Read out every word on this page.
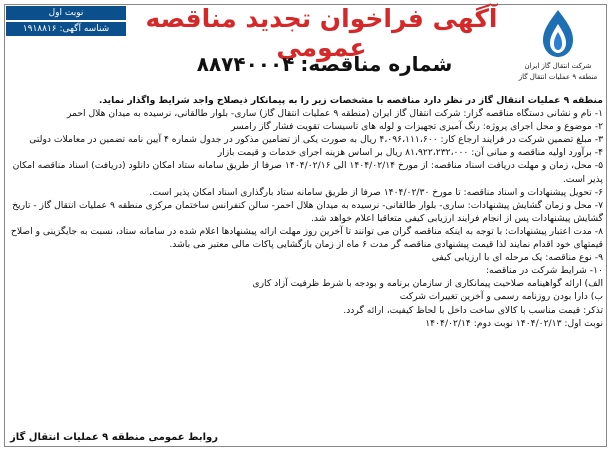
نوبت اول
شناسه آگهی: ۱۹۱۸۸۱۶
شرکت انتقال گاز ایران
منطقه ۹ عملیات انتقال گاز
آگهی فراخوان تجدید مناقصه عمومی
شماره مناقصه:۸۸۷۴۰۰۰۴

منطقه ۹ عملیات انتقال گاز در نظر دارد مناقصه با مشخصات زیر را به پیمانکار ذیصلاح واجد شرایط واگذار نماید.

۱- نام و نشانی دستگاه مناقصه گزار: شرکت انتقال گاز ایران (منطقه ۹ عملیات انتقال گاز) ساری- بلوار طالقانی، نرسیده به میدان هلال احمر

۲- موضوع و محل اجرای پروژه: رنگ آمیزی تجهیزات و لوله های تاسیسات تقویت فشار گاز رامسر

۳- مبلغ تضمین شرکت در فرایند ارجاع کار: ۴،۰۹۶،۱۱۱،۶۰۰ ریال به صورت یکی از تضامین مذکور در جدول شماره ۴ آیین نامه تضمین در معاملات دولتی

۴- برآورد اولیه مناقصه و مبانی آن: ۸۱،۹۲۲،۲۳۲،۰۰۰ ریال بر اساس هزینه اجرای خدمات و قیمت بازار

۵- محل، زمان و مهلت دریافت اسناد مناقصه: از مورخ ۱۴۰۴/۰۲/۱۴ الی ۱۴۰۴/۰۲/۱۶ صرفا از طریق سامانه ستاد امکان دانلود (دریافت) اسناد مناقصه امکان پذیر است.

۶- تحویل پیشنهادات و اسناد مناقصه: تا مورخ ۱۴۰۴/۰۲/۳۰ صرفا از طریق سامانه ستاد بارگذاری اسناد امکان پذیر است.

۷- محل و زمان گشایش پیشنهادات: ساری- بلوار طالقانی- نرسیده به میدان هلال احمر- سالن کنفرانس ساختمان مرکزی منطقه ۹ عملیات انتقال گاز - تاریخ گشایش پیشنهادات پس از انجام فرایند ارزیابی کیفی متعاقبا اعلام خواهد شد.

۸- مدت اعتبار پیشنهادات: با توجه به اینکه مناقصه گران می توانند تا آخرین روز مهلت ارائه پیشنهادها اعلام شده در سامانه ستاد، نسبت به جایگزینی و اصلاح قیمتهای خود اقدام نمایند لذا قیمت پیشنهادی مناقصه گر مدت ۶ ماه از زمان بازگشایی پاکات مالی معتبر می باشد.

۹- نوع مناقصه: یک مرحله ای با ارزیابی کیفی

۱۰- شرایط شرکت در مناقصه:

الف) ارائه گواهینامه صلاحیت پیمانکاری از سازمان برنامه و بودجه با شرط ظرفیت آزاد کاری

ب) دارا بودن روزنامه رسمی و آخرین تغییرات شرکت

تذکر: قیمت مناسب با کالای ساخت داخل با لحاظ کیفیت، ارائه گردد.

نوبت اول: ۱۴۰۴/۰۲/۱۳ نوبت دوم: ۱۴۰۴/۰۲/۱۴

روابط عمومی منطقه ۹ عملیات انتقال گاز
